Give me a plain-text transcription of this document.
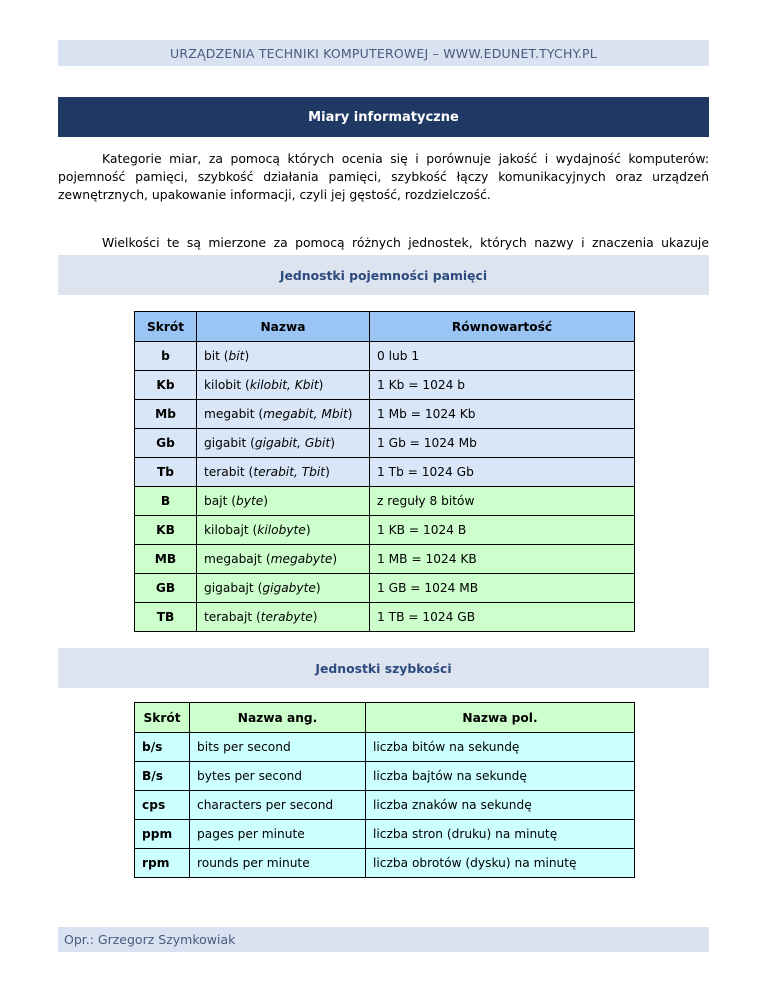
URZĄDZENIA TECHNIKI KOMPUTEROWEJ – WWW.EDUNET.TYCHY.PL
Miary informatyczne

Kategorie miar, za pomocą których ocenia się i porównuje jakość i wydajność komputerów: pojemność pamięci, szybkość działania pamięci, szybkość łączy komunikacyjnych oraz urządzeń zewnętrznych, upakowanie informacji, czyli jej gęstość, rozdzielczość.

Wielkości te są mierzone za pomocą różnych jednostek, których nazwy i znaczenia ukazuje

Jednostki pojemności pamięci
Skrót	Nazwa	Równowartość
b	bit (bit)	0 lub 1
Kb	kilobit (kilobit, Kbit)	1 Kb = 1024 b
Mb	megabit (megabit, Mbit)	1 Mb = 1024 Kb
Gb	gigabit (gigabit, Gbit)	1 Gb = 1024 Mb
Tb	terabit (terabit, Tbit)	1 Tb = 1024 Gb
B	bajt (byte)	z reguły 8 bitów
KB	kilobajt (kilobyte)	1 KB = 1024 B
MB	megabajt (megabyte)	1 MB = 1024 KB
GB	gigabajt (gigabyte)	1 GB = 1024 MB
TB	terabajt (terabyte)	1 TB = 1024 GB
Jednostki szybkości
Skrót	Nazwa ang.	Nazwa pol.
b/s	bits per second	liczba bitów na sekundę
B/s	bytes per second	liczba bajtów na sekundę
cps	characters per second	liczba znaków na sekundę
ppm	pages per minute	liczba stron (druku) na minutę
rpm	rounds per minute	liczba obrotów (dysku) na minutę
Opr.: Grzegorz Szymkowiak
